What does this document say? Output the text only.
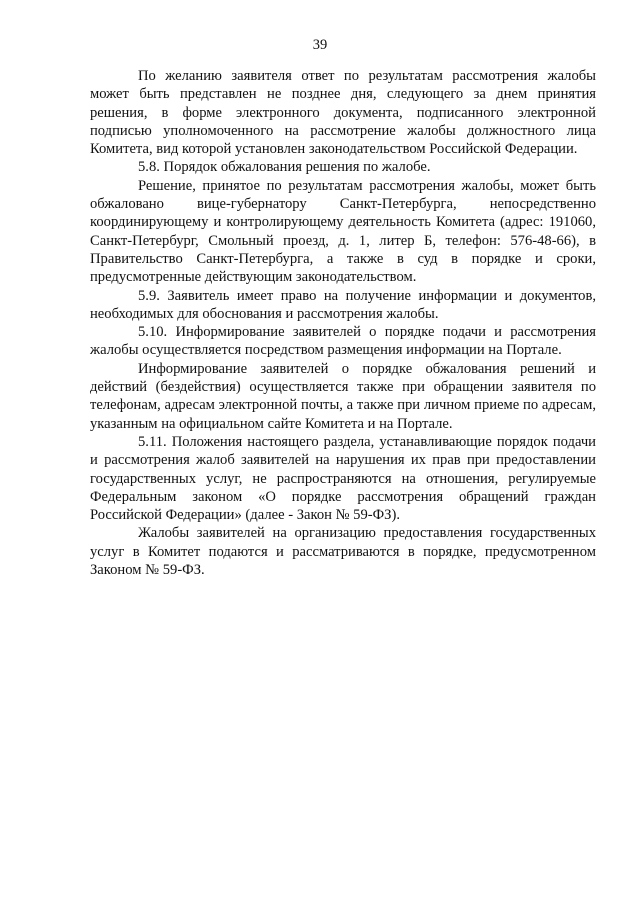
39

По желанию заявителя ответ по результатам рассмотрения жалобы может быть представлен не позднее дня, следующего за днем принятия решения, в форме электронного документа, подписанного электронной подписью уполномоченного на рассмотрение жалобы должностного лица Комитета, вид которой установлен законодательством Российской Федерации.

5.8. Порядок обжалования решения по жалобе.

Решение, принятое по результатам рассмотрения жалобы, может быть обжаловано вице-губернатору Санкт-Петербурга, непосредственно координирующему и контролирующему деятельность Комитета (адрес: 191060, Санкт-Петербург, Смольный проезд, д. 1, литер Б, телефон: 576-48-66), в Правительство Санкт-Петербурга, а также в суд в порядке и сроки, предусмотренные действующим законодательством.

5.9. Заявитель имеет право на получение информации и документов, необходимых для обоснования и рассмотрения жалобы.

5.10. Информирование заявителей о порядке подачи и рассмотрения жалобы осуществляется посредством размещения информации на Портале.

Информирование заявителей о порядке обжалования решений и действий (бездействия) осуществляется также при обращении заявителя по телефонам, адресам электронной почты, а также при личном приеме по адресам, указанным на официальном сайте Комитета и на Портале.

5.11. Положения настоящего раздела, устанавливающие порядок подачи и рассмотрения жалоб заявителей на нарушения их прав при предоставлении государственных услуг, не распространяются на отношения, регулируемые Федеральным законом «О порядке рассмотрения обращений граждан Российской Федерации» (далее - Закон № 59-ФЗ).

Жалобы заявителей на организацию предоставления государственных услуг в Комитет подаются и рассматриваются в порядке, предусмотренном Законом № 59-ФЗ.
